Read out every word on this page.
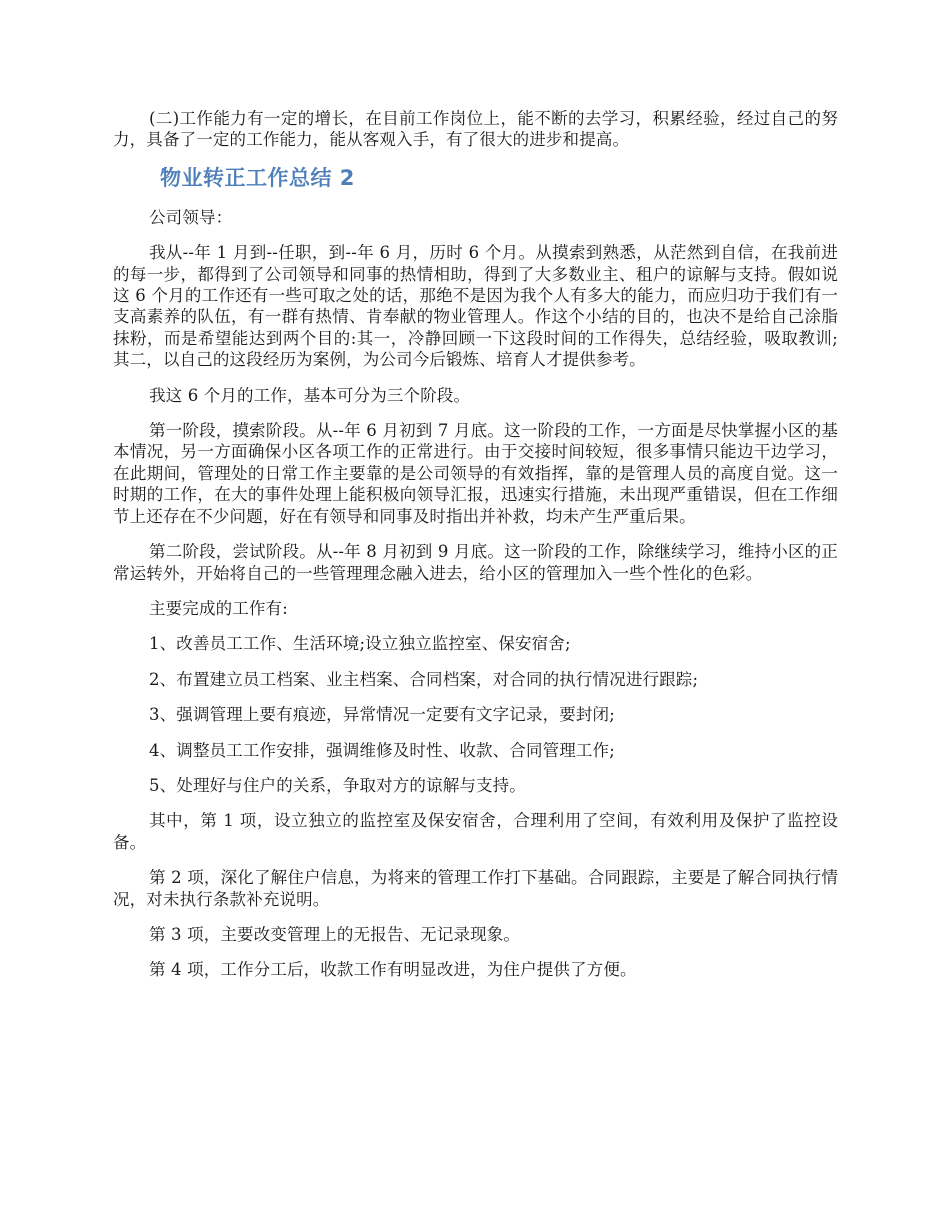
(二)工作能力有一定的增长，在目前工作岗位上，能不断的去学习，积累经验，经过自己的努力，具备了一定的工作能力，能从客观入手，有了很大的进步和提高。

物业转正工作总结 2

公司领导：

我从--年 1 月到--任职，到--年 6 月，历时 6 个月。从摸索到熟悉，从茫然到自信，在我前进的每一步，都得到了公司领导和同事的热情相助，得到了大多数业主、租户的谅解与支持。假如说这 6 个月的工作还有一些可取之处的话，那绝不是因为我个人有多大的能力，而应归功于我们有一支高素养的队伍，有一群有热情、肯奉献的物业管理人。作这个小结的目的，也决不是给自己涂脂抹粉，而是希望能达到两个目的:其一，冷静回顾一下这段时间的工作得失，总结经验，吸取教训;其二，以自己的这段经历为案例，为公司今后锻炼、培育人才提供参考。

我这 6 个月的工作，基本可分为三个阶段。

第一阶段，摸索阶段。从--年 6 月初到 7 月底。这一阶段的工作，一方面是尽快掌握小区的基本情况，另一方面确保小区各项工作的正常进行。由于交接时间较短，很多事情只能边干边学习，在此期间，管理处的日常工作主要靠的是公司领导的有效指挥，靠的是管理人员的高度自觉。这一时期的工作，在大的事件处理上能积极向领导汇报，迅速实行措施，未出现严重错误，但在工作细节上还存在不少问题，好在有领导和同事及时指出并补救，均未产生严重后果。

第二阶段，尝试阶段。从--年 8 月初到 9 月底。这一阶段的工作，除继续学习，维持小区的正常运转外，开始将自己的一些管理理念融入进去，给小区的管理加入一些个性化的色彩。

主要完成的工作有:

1、改善员工工作、生活环境;设立独立监控室、保安宿舍;

2、布置建立员工档案、业主档案、合同档案，对合同的执行情况进行跟踪;

3、强调管理上要有痕迹，异常情况一定要有文字记录，要封闭;

4、调整员工工作安排，强调维修及时性、收款、合同管理工作;

5、处理好与住户的关系，争取对方的谅解与支持。

其中，第 1 项，设立独立的监控室及保安宿舍，合理利用了空间，有效利用及保护了监控设备。

第 2 项，深化了解住户信息，为将来的管理工作打下基础。合同跟踪，主要是了解合同执行情况，对未执行条款补充说明。

第 3 项，主要改变管理上的无报告、无记录现象。

第 4 项，工作分工后，收款工作有明显改进，为住户提供了方便。
